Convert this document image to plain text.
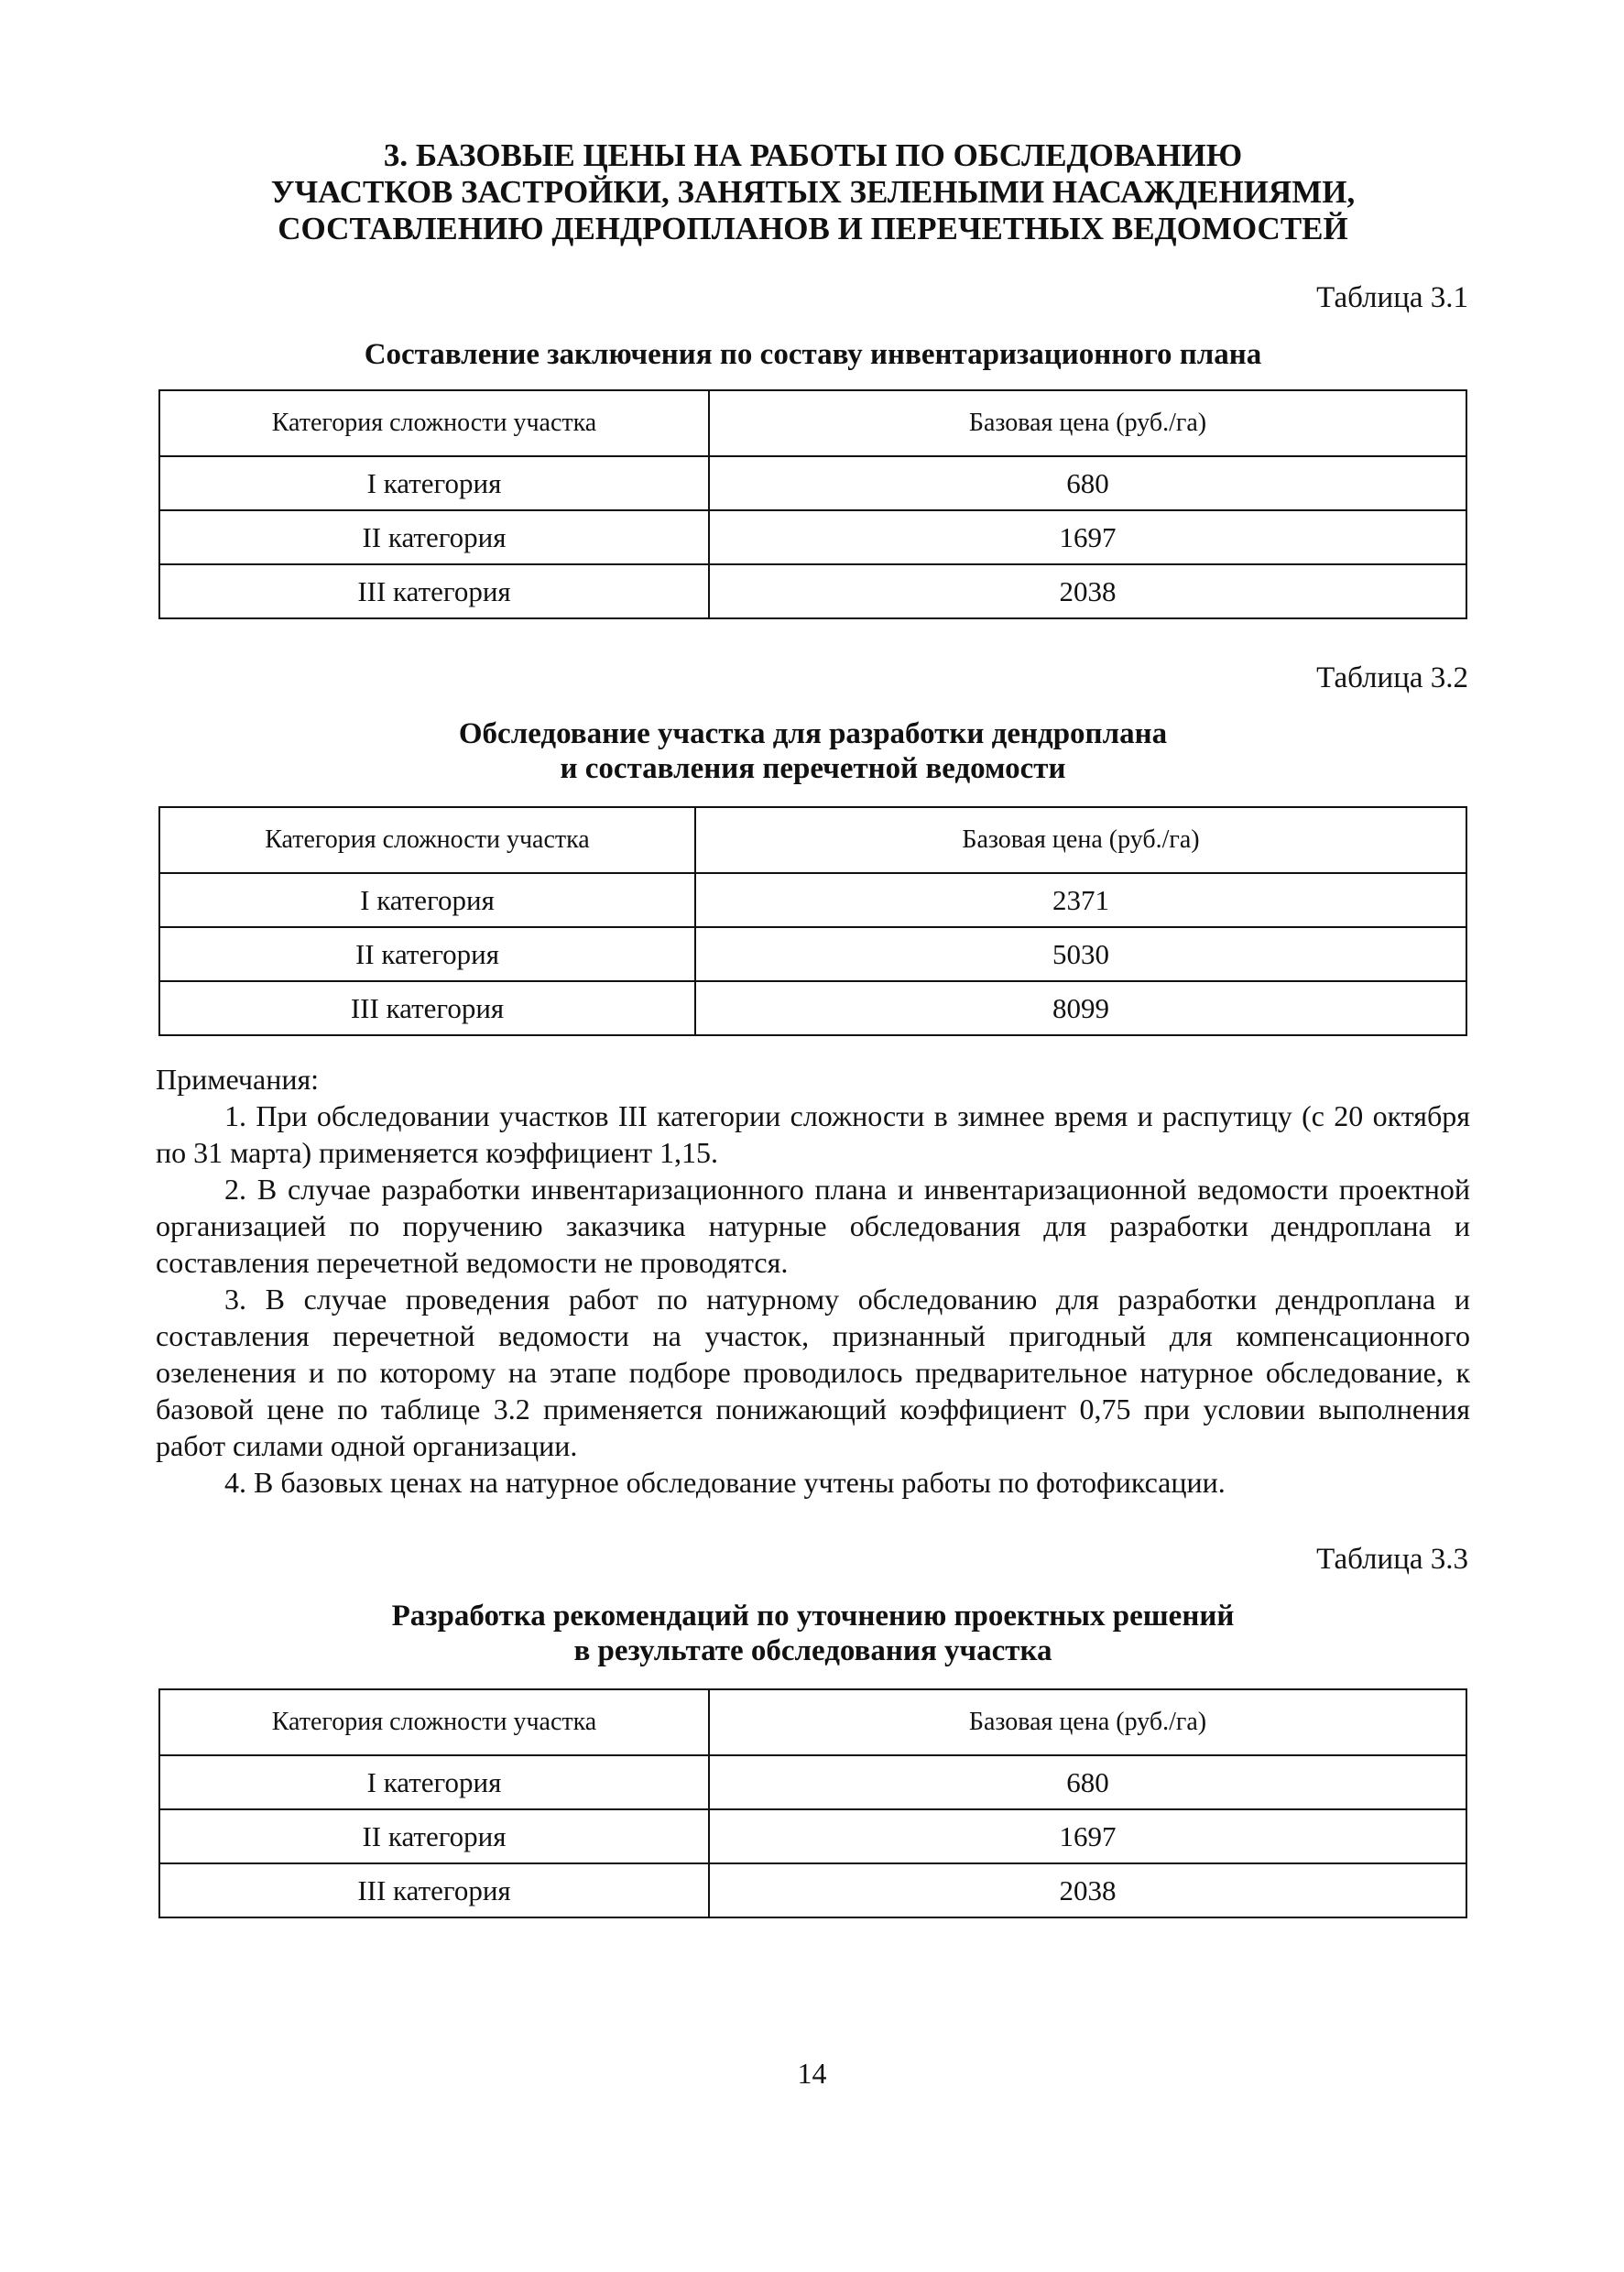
3. БАЗОВЫЕ ЦЕНЫ НА РАБОТЫ ПО ОБСЛЕДОВАНИЮ
УЧАСТКОВ ЗАСТРОЙКИ, ЗАНЯТЫХ ЗЕЛЕНЫМИ НАСАЖДЕНИЯМИ,
СОСТАВЛЕНИЮ ДЕНДРОПЛАНОВ И ПЕРЕЧЕТНЫХ ВЕДОМОСТЕЙ
Таблица 3.1
Составление заключения по составу инвентаризационного плана
Категория сложности участка	Базовая цена (руб./га)
I категория	680
II категория	1697
III категория	2038
Таблица 3.2
Обследование участка для разработки дендроплана
и составления перечетной ведомости
Категория сложности участка	Базовая цена (руб./га)
I категория	2371
II категория	5030
III категория	8099

Примечания:

1. При обследовании участков III категории сложности в зимнее время и распутицу (с 20 октября по 31 марта) применяется коэффициент 1,15.

2. В случае разработки инвентаризационного плана и инвентаризационной ведомости проектной организацией по поручению заказчика натурные обследования для разработки дендроплана и составления перечетной ведомости не проводятся.

3. В случае проведения работ по натурному обследованию для разработки дендроплана и составления перечетной ведомости на участок, признанный пригодный для компенсационного озеленения и по которому на этапе подборе проводилось предварительное натурное обследование, к базовой цене по таблице 3.2 применяется понижающий коэффициент 0,75 при условии выполнения работ силами одной организации.

4. В базовых ценах на натурное обследование учтены работы по фотофиксации.

Таблица 3.3
Разработка рекомендаций по уточнению проектных решений
в результате обследования участка
Категория сложности участка	Базовая цена (руб./га)
I категория	680
II категория	1697
III категория	2038
14
